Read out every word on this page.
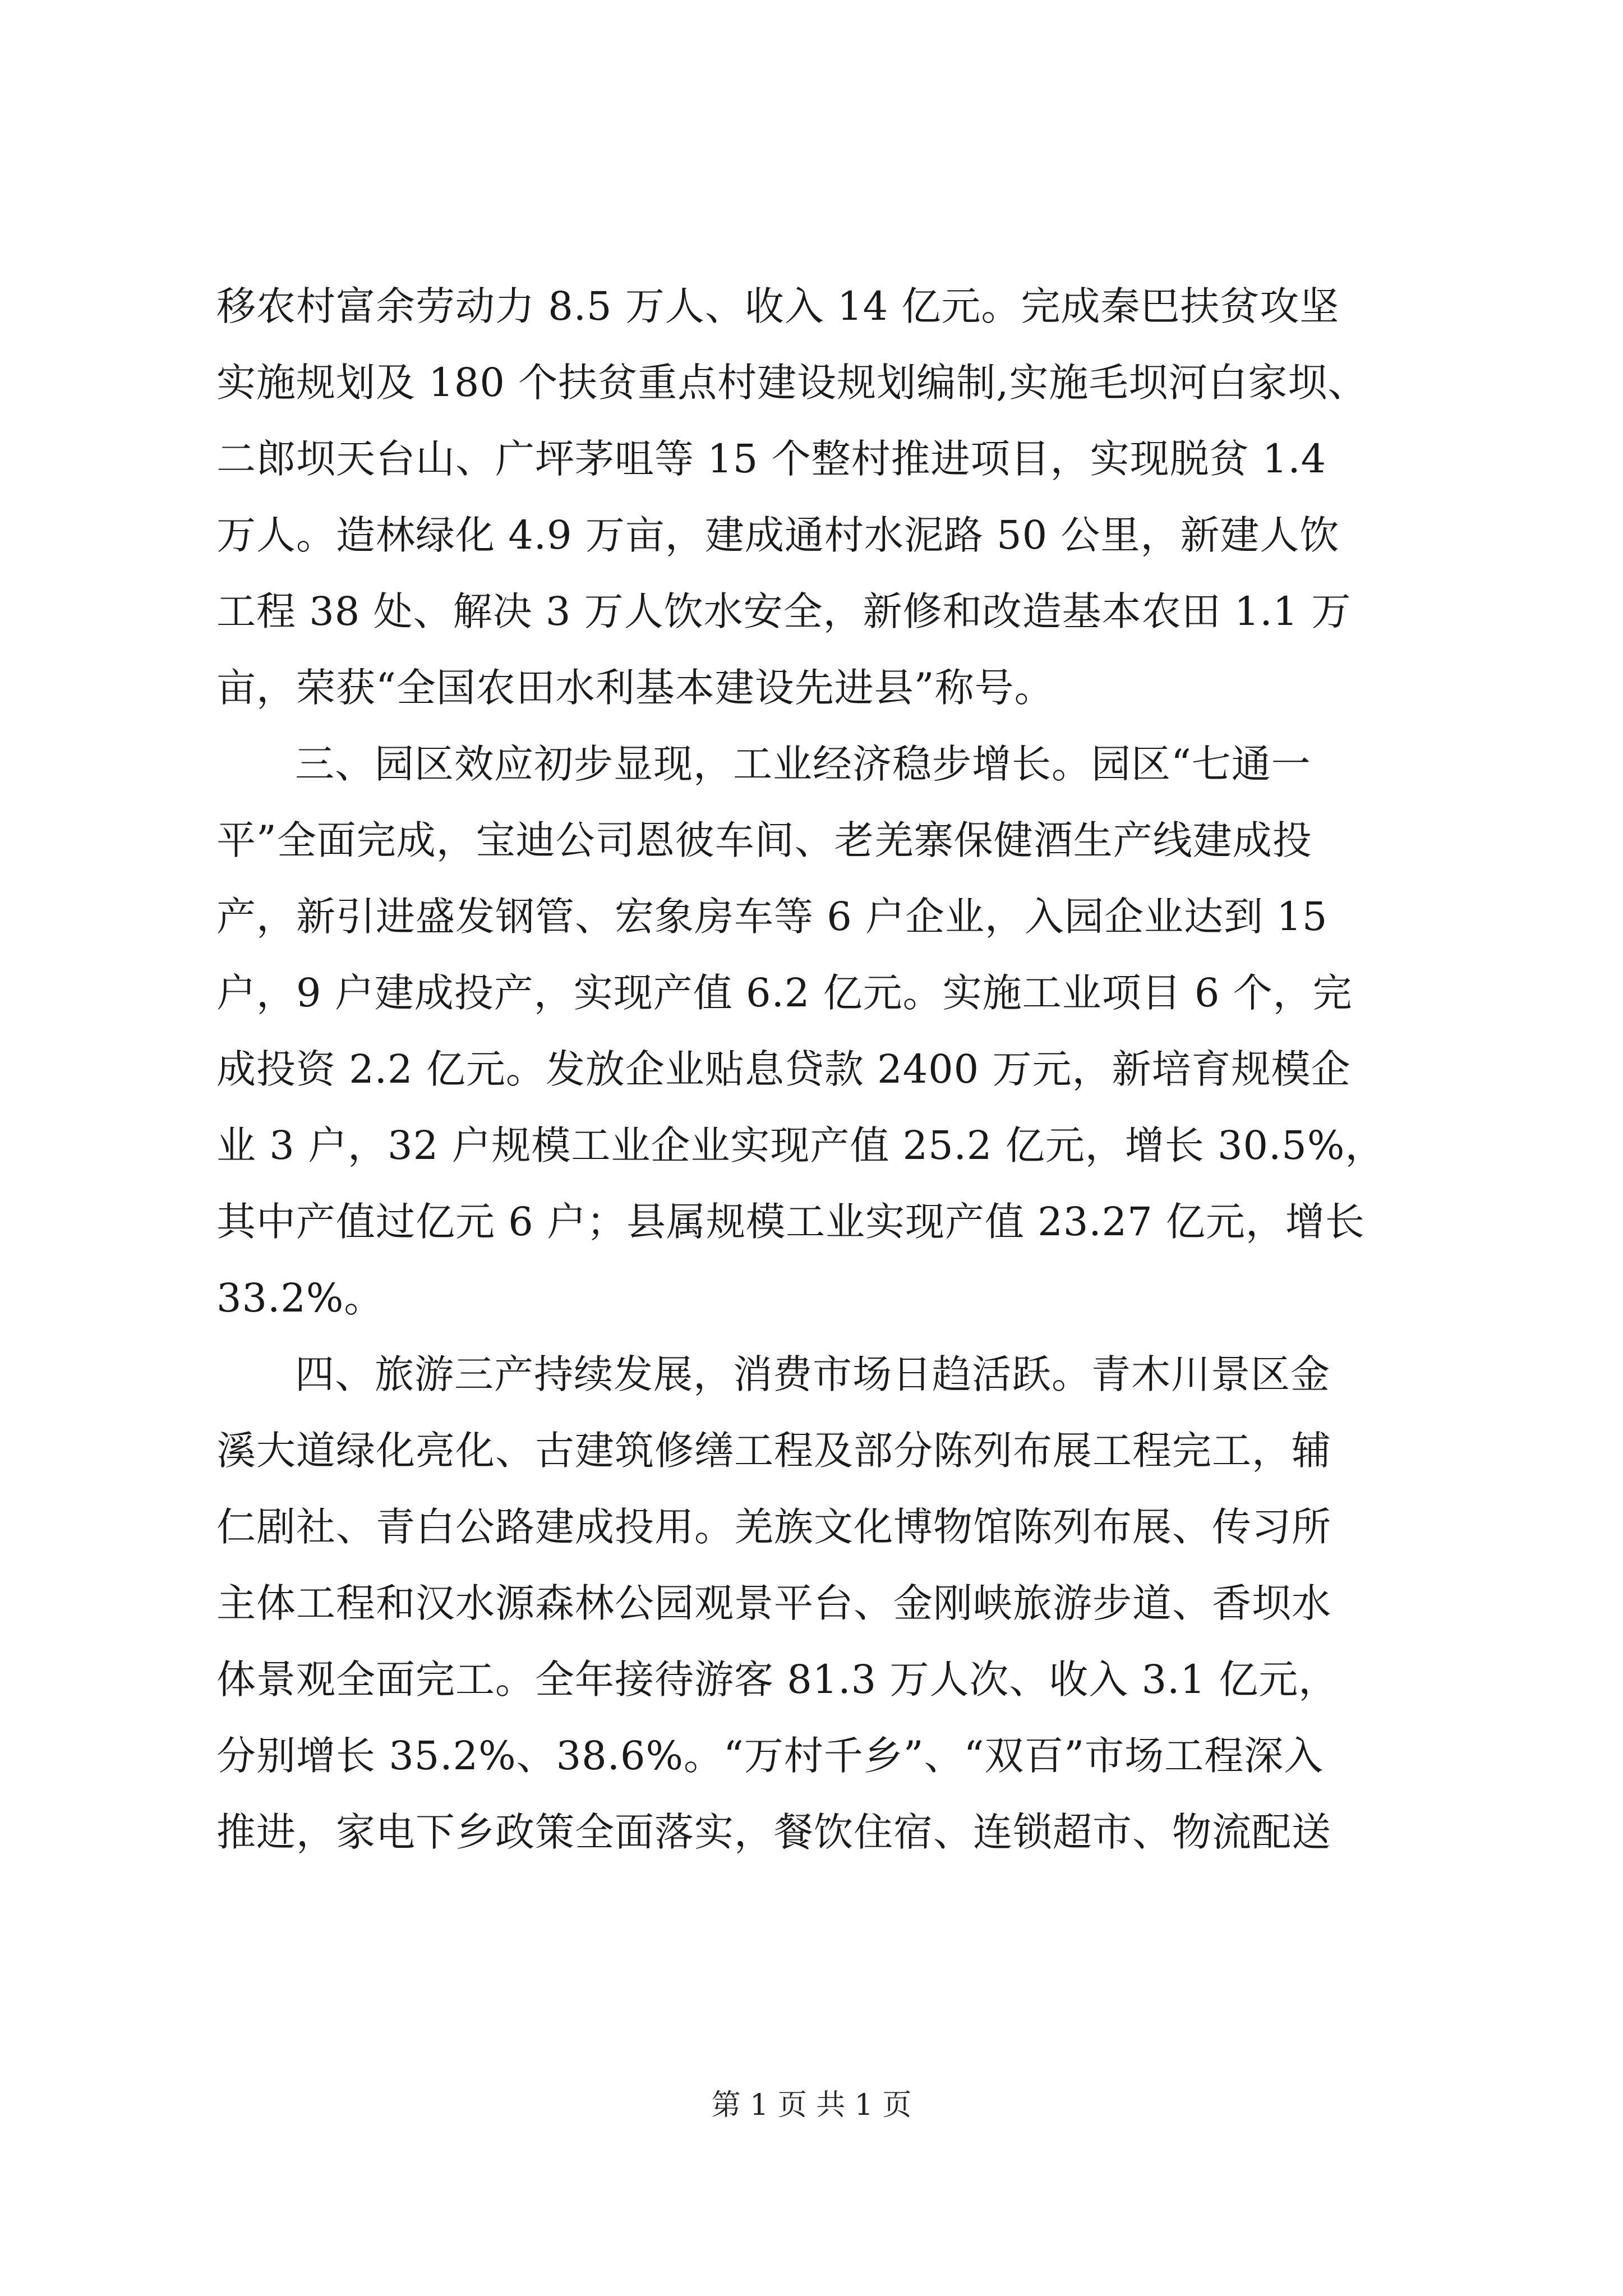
移农村富余劳动力 8.5 万人、收入 14 亿元。完成秦巴扶贫攻坚
实施规划及 180 个扶贫重点村建设规划编制,实施毛坝河白家坝、
二郎坝天台山、广坪茅咀等 15 个整村推进项目，实现脱贫 1.4
万人。造林绿化 4.9 万亩，建成通村水泥路 50 公里，新建人饮
工程 38 处、解决 3 万人饮水安全，新修和改造基本农田 1.1 万
亩，荣获“全国农田水利基本建设先进县”称号。
三、园区效应初步显现，工业经济稳步增长。园区“七通一
平”全面完成，宝迪公司恩彼车间、老羌寨保健酒生产线建成投
产，新引进盛发钢管、宏象房车等 6 户企业，入园企业达到 15
户，9 户建成投产，实现产值 6.2 亿元。实施工业项目 6 个，完
成投资 2.2 亿元。发放企业贴息贷款 2400 万元，新培育规模企
业 3 户，32 户规模工业企业实现产值 25.2 亿元，增长 30.5%，
其中产值过亿元 6 户；县属规模工业实现产值 23.27 亿元，增长
33.2%。
四、旅游三产持续发展，消费市场日趋活跃。青木川景区金
溪大道绿化亮化、古建筑修缮工程及部分陈列布展工程完工，辅
仁剧社、青白公路建成投用。羌族文化博物馆陈列布展、传习所
主体工程和汉水源森林公园观景平台、金刚峡旅游步道、香坝水
体景观全面完工。全年接待游客 81.3 万人次、收入 3.1 亿元，
分别增长 35.2%、38.6%。“万村千乡”、“双百”市场工程深入
推进，家电下乡政策全面落实，餐饮住宿、连锁超市、物流配送
第 1 页 共 1 页
